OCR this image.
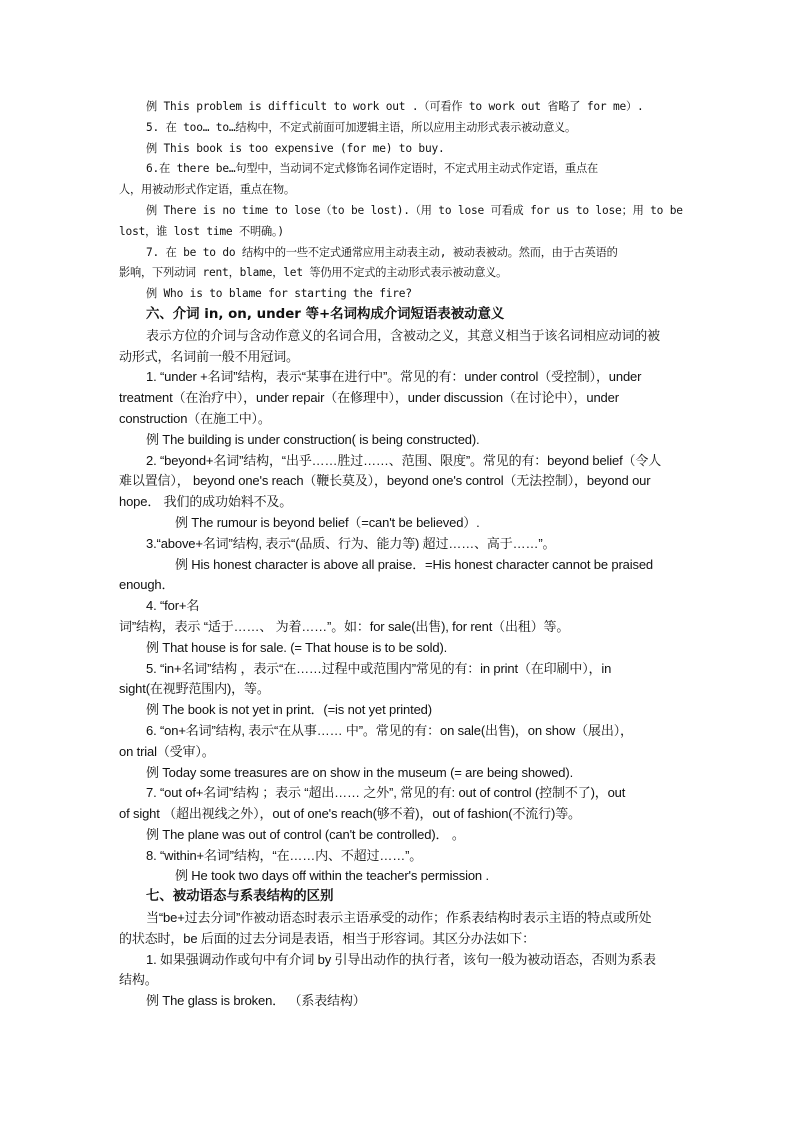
例 This problem is difficult to work out .（可看作 to work out 省略了 for me）.
5. 在 too… to…结构中，不定式前面可加逻辑主语，所以应用主动形式表示被动意义。
例 This book is too expensive (for me) to buy.
6.在 there be…句型中，当动词不定式修饰名词作定语时，不定式用主动式作定语，重点在
人，用被动形式作定语，重点在物。
例 There is no time to lose（to be lost).（用 to lose 可看成 for us to lose；用 to be
lost，谁 lost time 不明确。)
7. 在 be to do 结构中的一些不定式通常应用主动表主动, 被动表被动。然而，由于古英语的
影响，下列动词 rent，blame，let 等仍用不定式的主动形式表示被动意义。
例 Who is to blame for starting the fire?
六、介词 in, on, under 等+名词构成介词短语表被动意义
表示方位的介词与含动作意义的名词合用，含被动之义，其意义相当于该名词相应动词的被
动形式，名词前一般不用冠词。
1. “under +名词”结构，表示“某事在进行中”。常见的有：under control（受控制），under
treatment（在治疗中），under repair（在修理中），under discussion（在讨论中），under
construction（在施工中）。
例 The building is under construction( is being constructed).
2. “beyond+名词”结构，“出乎……胜过……、范围、限度”。常见的有：beyond belief（令人
难以置信）， beyond one's reach（鞭长莫及），beyond one's control（无法控制），beyond our
hope． 我们的成功始料不及。
例 The rumour is beyond belief（=can't be believed）.
3.“above+名词”结构, 表示“(品质、行为、能力等) 超过……、高于……”。
例 His honest character is above all praise．=His honest character cannot be praised
enough．
4. “for+名
词”结构，表示 “适于……、 为着……”。如：for sale(出售), for rent（出租）等。
例 That house is for sale. (= That house is to be sold).
5. “in+名词”结构 ，表示“在……过程中或范围内”常见的有：in print（在印刷中），in
sight(在视野范围内)，等。
例 The book is not yet in print．(=is not yet printed)
6. “on+名词”结构, 表示“在从事…… 中”。常见的有：on sale(出售)，on show（展出），
on trial（受审）。
例 Today some treasures are on show in the museum (= are being showed).
7. “out of+名词”结构 ；表示 “超出…… 之外”, 常见的有: out of control (控制不了)，out
of sight （超出视线之外），out of one's reach(够不着)，out of fashion(不流行)等。
例 The plane was out of control (can't be controlled)． 。
8. “within+名词”结构，“在……内、不超过……”。
例 He took two days off within the teacher's permission .
七、被动语态与系表结构的区别
当“be+过去分词”作被动语态时表示主语承受的动作；作系表结构时表示主语的特点或所处
的状态时，be 后面的过去分词是表语，相当于形容词。其区分办法如下：
1. 如果强调动作或句中有介词 by 引导出动作的执行者，该句一般为被动语态，否则为系表
结构。
例 The glass is broken． （系表结构）
